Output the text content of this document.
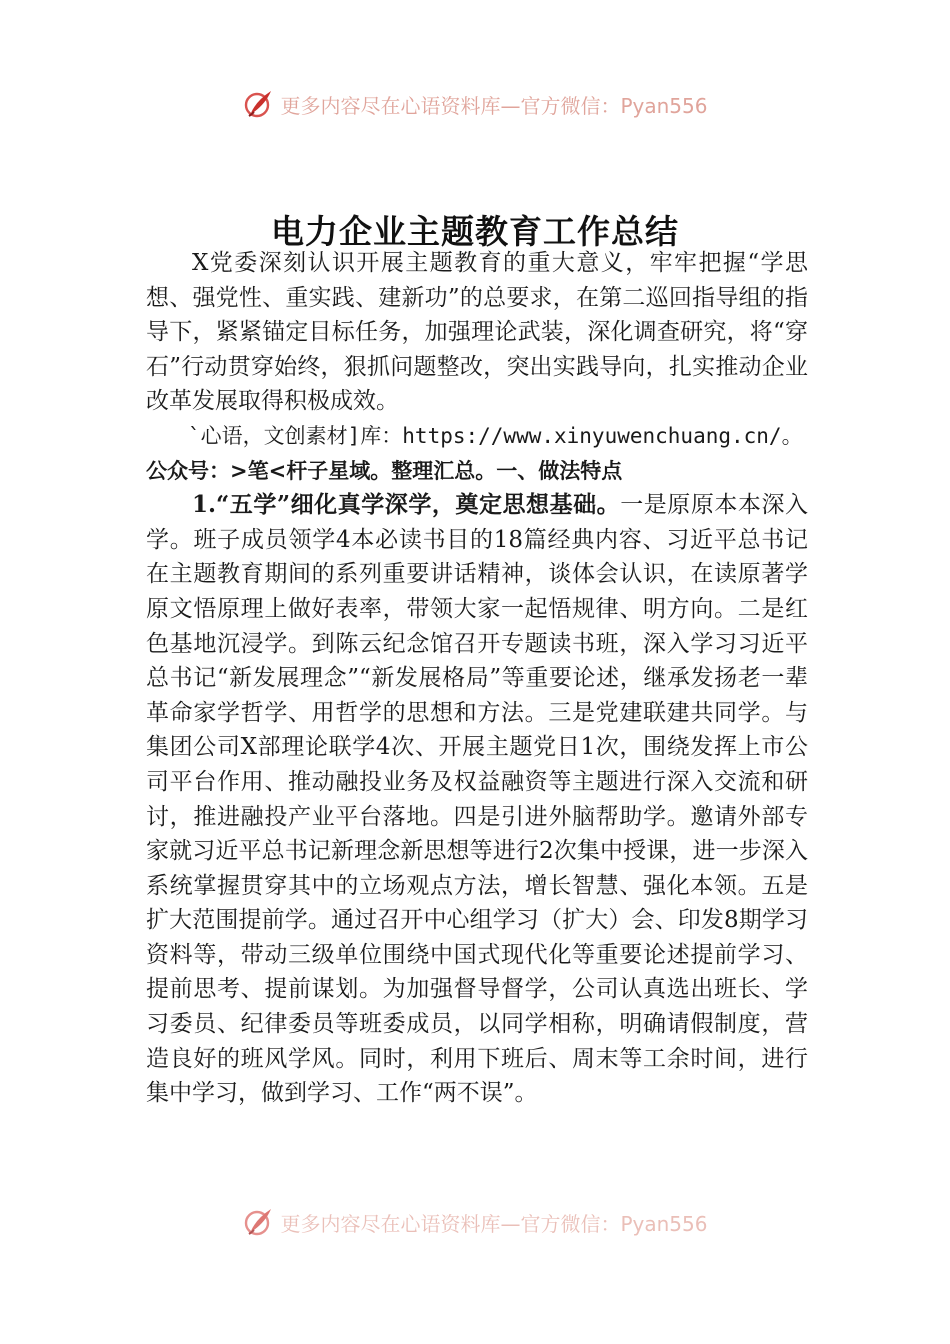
更多内容尽在心语资料库—官方微信：Pyan556
电力企业主题教育工作总结

X党委深刻认识开展主题教育的重大意义，牢牢把握“学思想、强党性、重实践、建新功”的总要求，在第二巡回指导组的指导下，紧紧锚定目标任务，加强理论武装，深化调查研究，将“穿石”行动贯穿始终，狠抓问题整改，突出实践导向，扎实推动企业改革发展取得积极成效。

`心语，文创素材]库：https://www.xinyuwenchuang.cn/。公众号：>笔<杆子星域。整理汇总。一、做法特点

1.“五学”细化真学深学，奠定思想基础。一是原原本本深入学。班子成员领学4本必读书目的18篇经典内容、习近平总书记在主题教育期间的系列重要讲话精神，谈体会认识，在读原著学原文悟原理上做好表率，带领大家一起悟规律、明方向。二是红色基地沉浸学。到陈云纪念馆召开专题读书班，深入学习习近平总书记“新发展理念”“新发展格局”等重要论述，继承发扬老一辈革命家学哲学、用哲学的思想和方法。三是党建联建共同学。与集团公司X部理论联学4次、开展主题党日1次，围绕发挥上市公司平台作用、推动融投业务及权益融资等主题进行深入交流和研讨，推进融投产业平台落地。四是引进外脑帮助学。邀请外部专家就习近平总书记新理念新思想等进行2次集中授课，进一步深入系统掌握贯穿其中的立场观点方法，增长智慧、强化本领。五是扩大范围提前学。通过召开中心组学习（扩大）会、印发8期学习资料等，带动三级单位围绕中国式现代化等重要论述提前学习、提前思考、提前谋划。为加强督导督学，公司认真选出班长、学习委员、纪律委员等班委成员，以同学相称，明确请假制度，营造良好的班风学风。同时，利用下班后、周末等工余时间，进行集中学习，做到学习、工作“两不误”。

更多内容尽在心语资料库—官方微信：Pyan556
